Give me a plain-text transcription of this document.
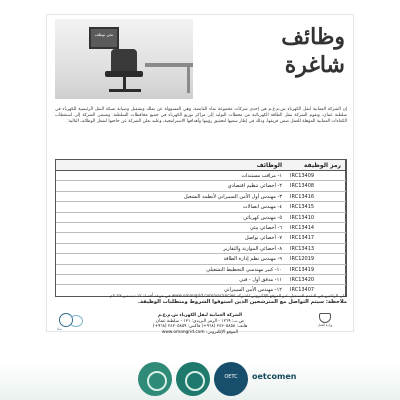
نحن نوظف	وظائف
شاغرة
إن الشركة العمانية لنقل الكهرباء ش.م.ع.م هي إحدى شركات مجموعة نماء القابضة، وهي المسؤولة عن تملك وتشغيل وصيانة شبكة النقل الرئيسية للكهرباء في سلطنة عمان، وتقوم الشركة بنقل الطاقة الكهربائية من محطات التوليد إلى مراكز توزيع الكهرباء في جميع محافظات السلطنة. وتسعى الشركة إلى استقطاب الكفاءات العمانية المؤهلة للعمل ضمن فريقها، وذلك في إطار سعيها لتحقيق رؤيتها وأهدافها الاستراتيجية، وعليه تعلن الشركة عن حاجتها لشغل الوظائف التالية:
الوظائف	رمز الوظيفة
١- مراقب مستندات	IRC13409
٢- أخصائي تنظيم اقتصادي	IRC13408
٣- مهندس أول الأمن السيبراني لأنظمة التشغيل	IRC13416
٤- مهندس اتصالات	IRC13415
٥- مهندس كهربائي	IRC13410
٦- أخصائي بيئي	IRC13414
٧- أخصائي تواصل	IRC13417
٨- أخصائي الموازنة والتقارير	IRC13413
٩- مهندس نظم إدارة الطاقة	IRC12019
١٠- كبير مهندسي التخطيط التشغيلي	IRC13419
١١- مدقق أول - فني	IRC13420
١٢- مهندس الأمن السيبراني	IRC13407
على الراغبين في التقدم التسجيل عبر الموقع الإلكتروني للشركة www.omangrid.com/vacancies في موعد أقصاه ١٢ ديسمبر ٢٠٢٣م.
ملاحظة: سيتم التواصل مع المترشحين الذين استوفوا الشروط ومتطلبات الوظيفة.
نماء
الشركة العمانية لنقل الكهرباء ش.م.ع.م
ص.ب: ١٢٦٩ - الرمز البريدي: ١٣١ - سلطنة عمان
هاتف: ٢٤٣٠٥٨٥٨ (٩٦٨+) فاكس: ٢٤٣٠٥٨٥٩ (٩٦٨+)
الموقع الإلكتروني: www.omangrid.com
وزارة العمل
OETC	oetcomen
